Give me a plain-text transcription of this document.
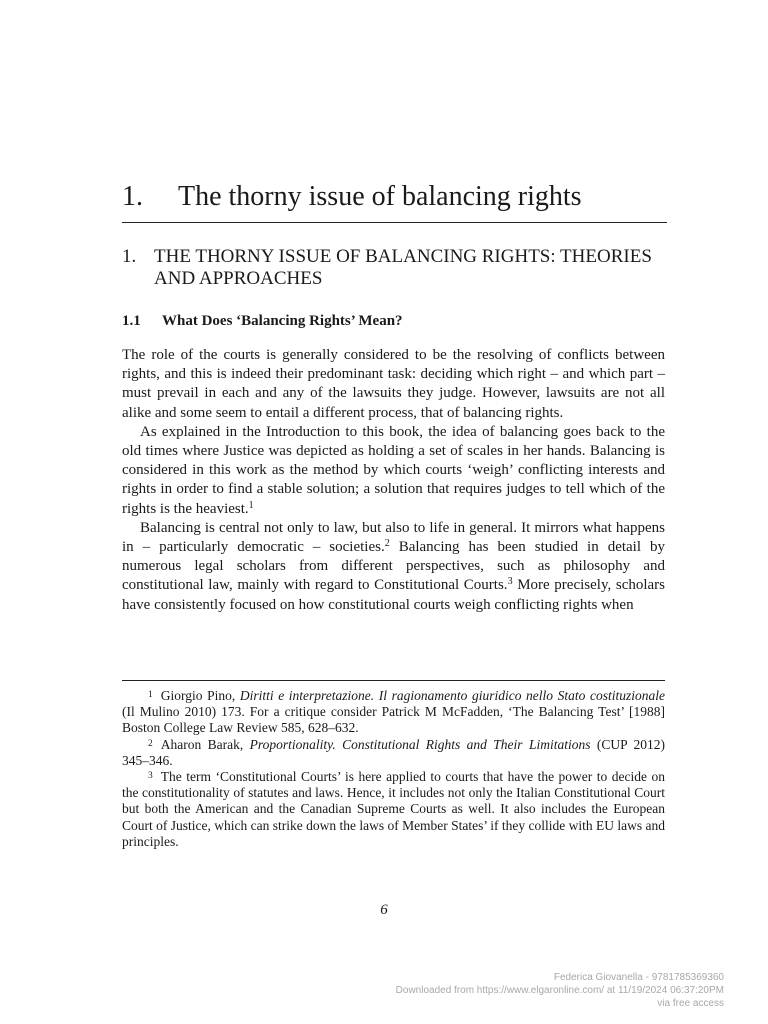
1. The thorny issue of balancing rights
1. THE THORNY ISSUE OF BALANCING RIGHTS: THEORIES AND APPROACHES
1.1 What Does ‘Balancing Rights’ Mean?

The role of the courts is generally considered to be the resolving of conflicts between rights, and this is indeed their predominant task: deciding which right – and which part – must prevail in each and any of the lawsuits they judge. However, lawsuits are not all alike and some seem to entail a different process, that of balancing rights.

As explained in the Introduction to this book, the idea of balancing goes back to the old times where Justice was depicted as holding a set of scales in her hands. Balancing is considered in this work as the method by which courts ‘weigh’ conflicting interests and rights in order to find a stable solution; a solution that requires judges to tell which of the rights is the heaviest.$^1$

Balancing is central not only to law, but also to life in general. It mirrors what happens in – particularly democratic – societies.$^2$ Balancing has been studied in detail by numerous legal scholars from different perspectives, such as philosophy and constitutional law, mainly with regard to Constitutional Courts.$^3$ More precisely, scholars have consistently focused on how constitutional courts weigh conflicting rights when

$^1$ Giorgio Pino, Diritti e interpretazione. Il ragionamento giuridico nello Stato costituzionale (Il Mulino 2010) 173. For a critique consider Patrick M McFadden, ‘The Balancing Test’ [1988] Boston College Law Review 585, 628–632.

$^2$ Aharon Barak, Proportionality. Constitutional Rights and Their Limitations (CUP 2012) 345–346.

$^3$ The term ‘Constitutional Courts’ is here applied to courts that have the power to decide on the constitutionality of statutes and laws. Hence, it includes not only the Italian Constitutional Court but both the American and the Canadian Supreme Courts as well. It also includes the European Court of Justice, which can strike down the laws of Member States’ if they collide with EU laws and principles.

6
Federica Giovanella - 9781785369360
Downloaded from https://www.elgaronline.com/ at 11/19/2024 06:37:20PM
via free access
